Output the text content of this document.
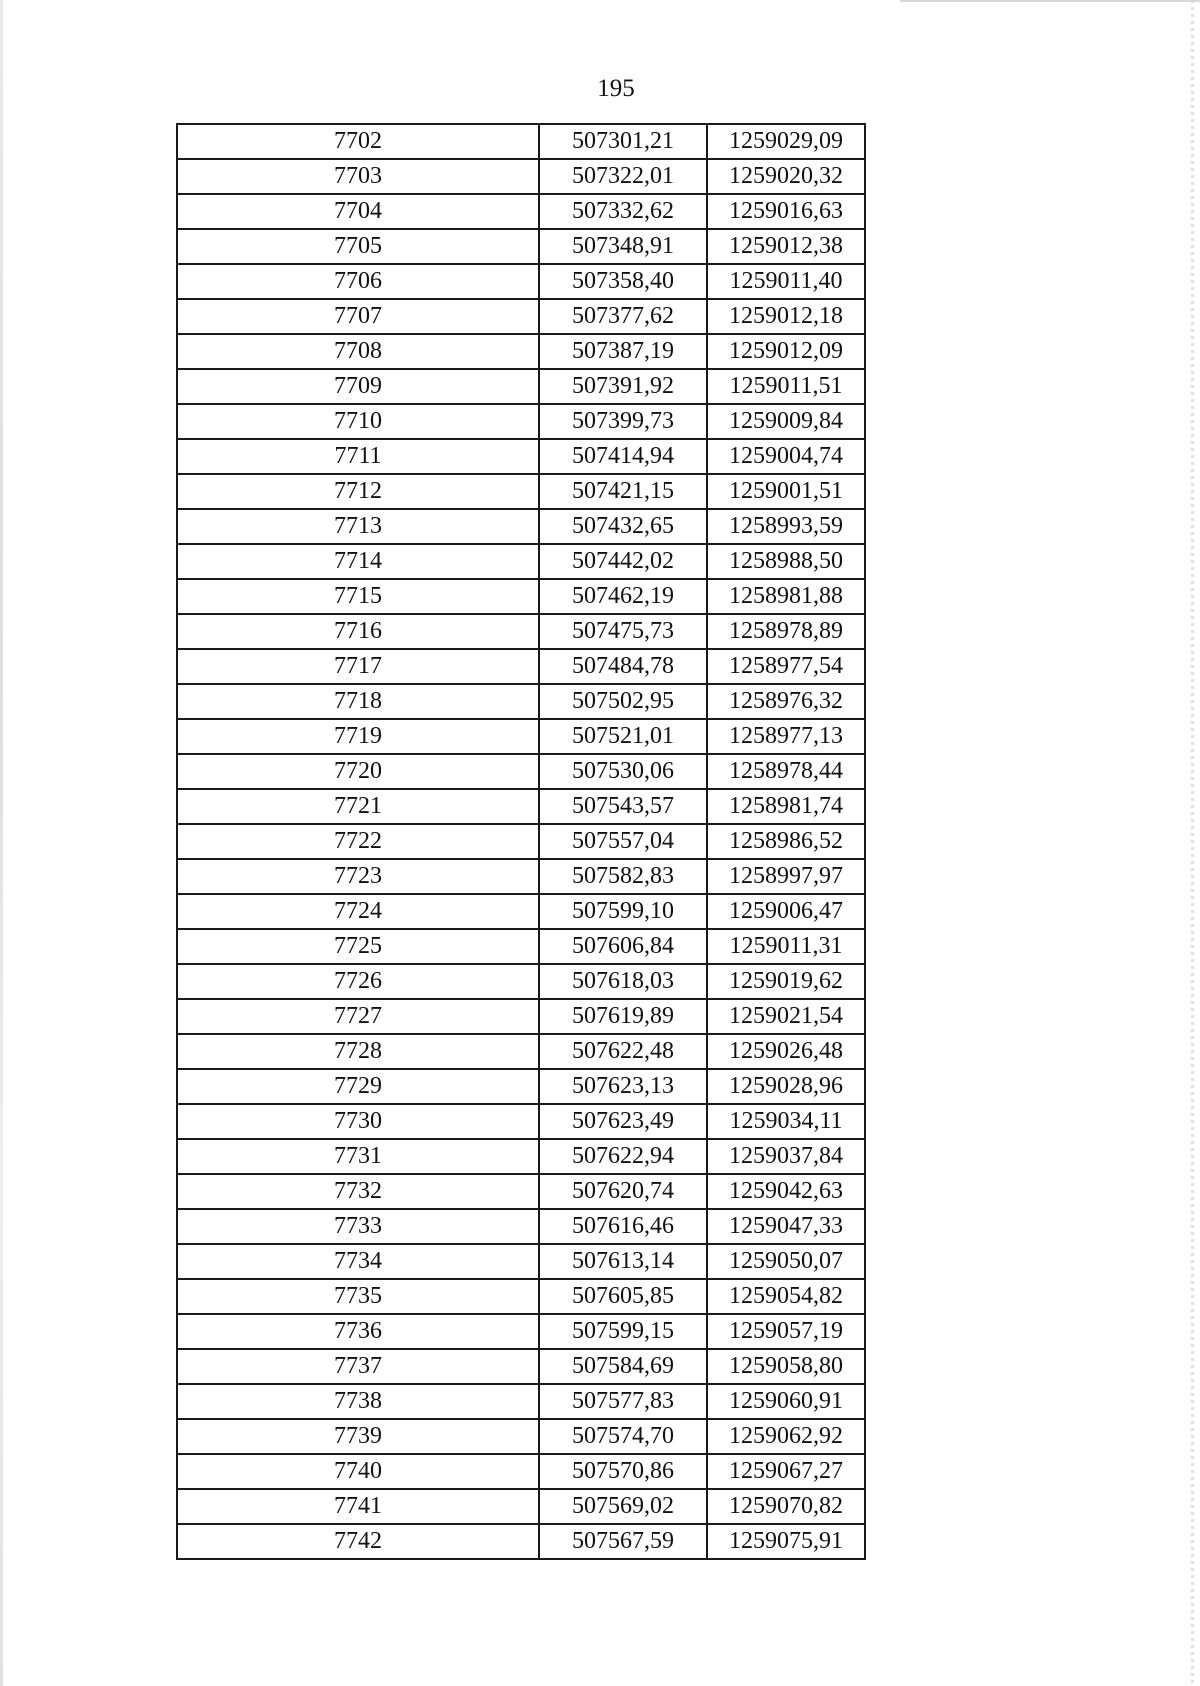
195
7702	507301,21	1259029,09
7703	507322,01	1259020,32
7704	507332,62	1259016,63
7705	507348,91	1259012,38
7706	507358,40	1259011,40
7707	507377,62	1259012,18
7708	507387,19	1259012,09
7709	507391,92	1259011,51
7710	507399,73	1259009,84
7711	507414,94	1259004,74
7712	507421,15	1259001,51
7713	507432,65	1258993,59
7714	507442,02	1258988,50
7715	507462,19	1258981,88
7716	507475,73	1258978,89
7717	507484,78	1258977,54
7718	507502,95	1258976,32
7719	507521,01	1258977,13
7720	507530,06	1258978,44
7721	507543,57	1258981,74
7722	507557,04	1258986,52
7723	507582,83	1258997,97
7724	507599,10	1259006,47
7725	507606,84	1259011,31
7726	507618,03	1259019,62
7727	507619,89	1259021,54
7728	507622,48	1259026,48
7729	507623,13	1259028,96
7730	507623,49	1259034,11
7731	507622,94	1259037,84
7732	507620,74	1259042,63
7733	507616,46	1259047,33
7734	507613,14	1259050,07
7735	507605,85	1259054,82
7736	507599,15	1259057,19
7737	507584,69	1259058,80
7738	507577,83	1259060,91
7739	507574,70	1259062,92
7740	507570,86	1259067,27
7741	507569,02	1259070,82
7742	507567,59	1259075,91
